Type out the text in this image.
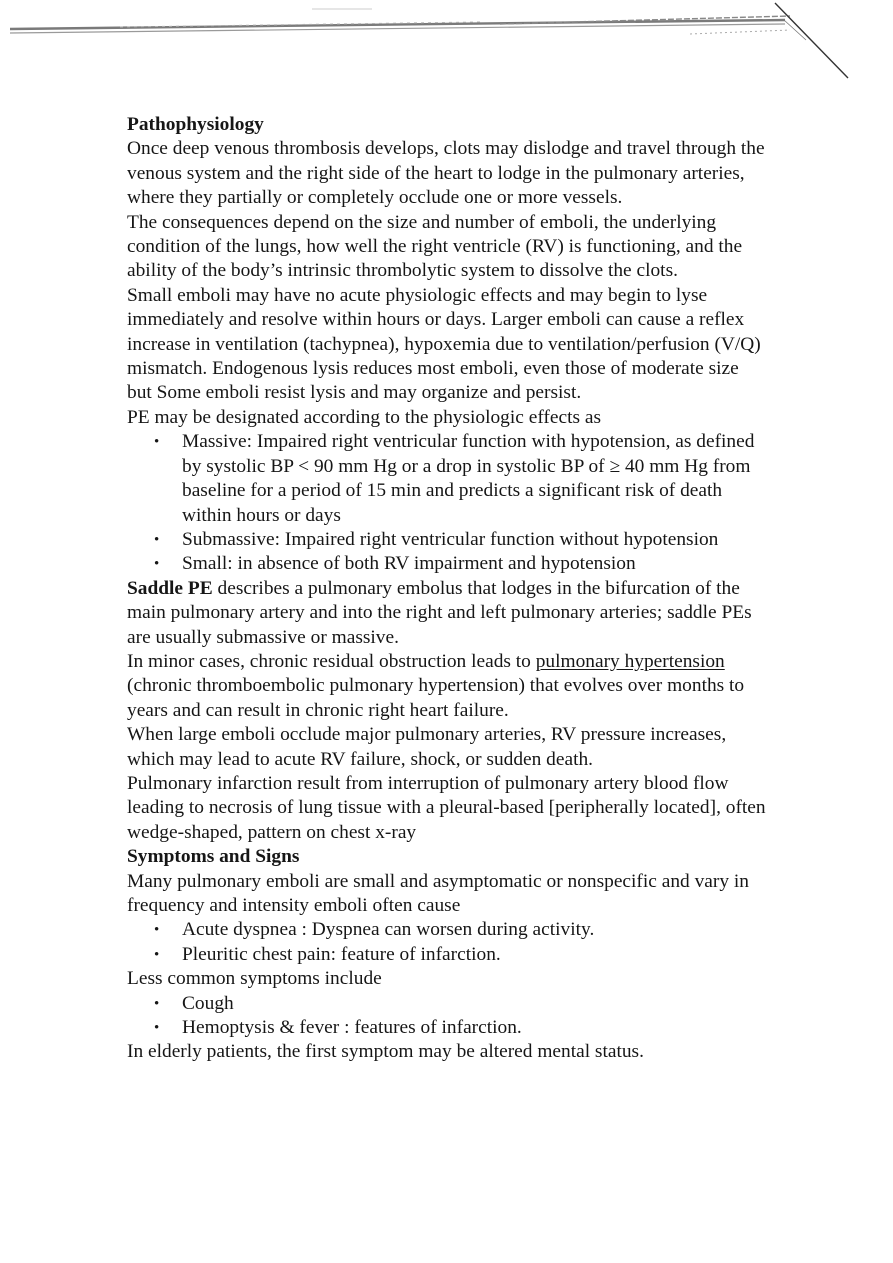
Pathophysiology

Once deep venous thrombosis develops, clots may dislodge and travel through the venous system and the right side of the heart to lodge in the pulmonary arteries, where they partially or completely occlude one or more vessels.

The consequences depend on the size and number of emboli, the underlying condition of the lungs, how well the right ventricle (RV) is functioning, and the ability of the body’s intrinsic thrombolytic system to dissolve the clots.

Small emboli may have no acute physiologic effects and may begin to lyse immediately and resolve within hours or days. Larger emboli can cause a reflex increase in ventilation (tachypnea), hypoxemia due to ventilation/perfusion (V/Q) mismatch. Endogenous lysis reduces most emboli, even those of moderate size but Some emboli resist lysis and may organize and persist.

PE may be designated according to the physiologic effects as

• Massive: Impaired right ventricular function with hypotension, as defined by systolic BP < 90 mm Hg or a drop in systolic BP of ≥ 40 mm Hg from baseline for a period of 15 min and predicts a significant risk of death within hours or days
• Submassive: Impaired right ventricular function without hypotension
• Small: in absence of both RV impairment and hypotension

Saddle PE describes a pulmonary embolus that lodges in the bifurcation of the main pulmonary artery and into the right and left pulmonary arteries; saddle PEs are usually submassive or massive.

In minor cases, chronic residual obstruction leads to pulmonary hypertension (chronic thromboembolic pulmonary hypertension) that evolves over months to years and can result in chronic right heart failure.

When large emboli occlude major pulmonary arteries, RV pressure increases, which may lead to acute RV failure, shock, or sudden death.

Pulmonary infarction result from interruption of pulmonary artery blood flow leading to necrosis of lung tissue with a pleural-based [peripherally located], often wedge-shaped, pattern on chest x-ray

Symptoms and Signs

Many pulmonary emboli are small and asymptomatic or nonspecific and vary in frequency and intensity emboli often cause

• Acute dyspnea : Dyspnea can worsen during activity.
• Pleuritic chest pain: feature of infarction.

Less common symptoms include

• Cough
• Hemoptysis & fever : features of infarction.

In elderly patients, the first symptom may be altered mental status.
